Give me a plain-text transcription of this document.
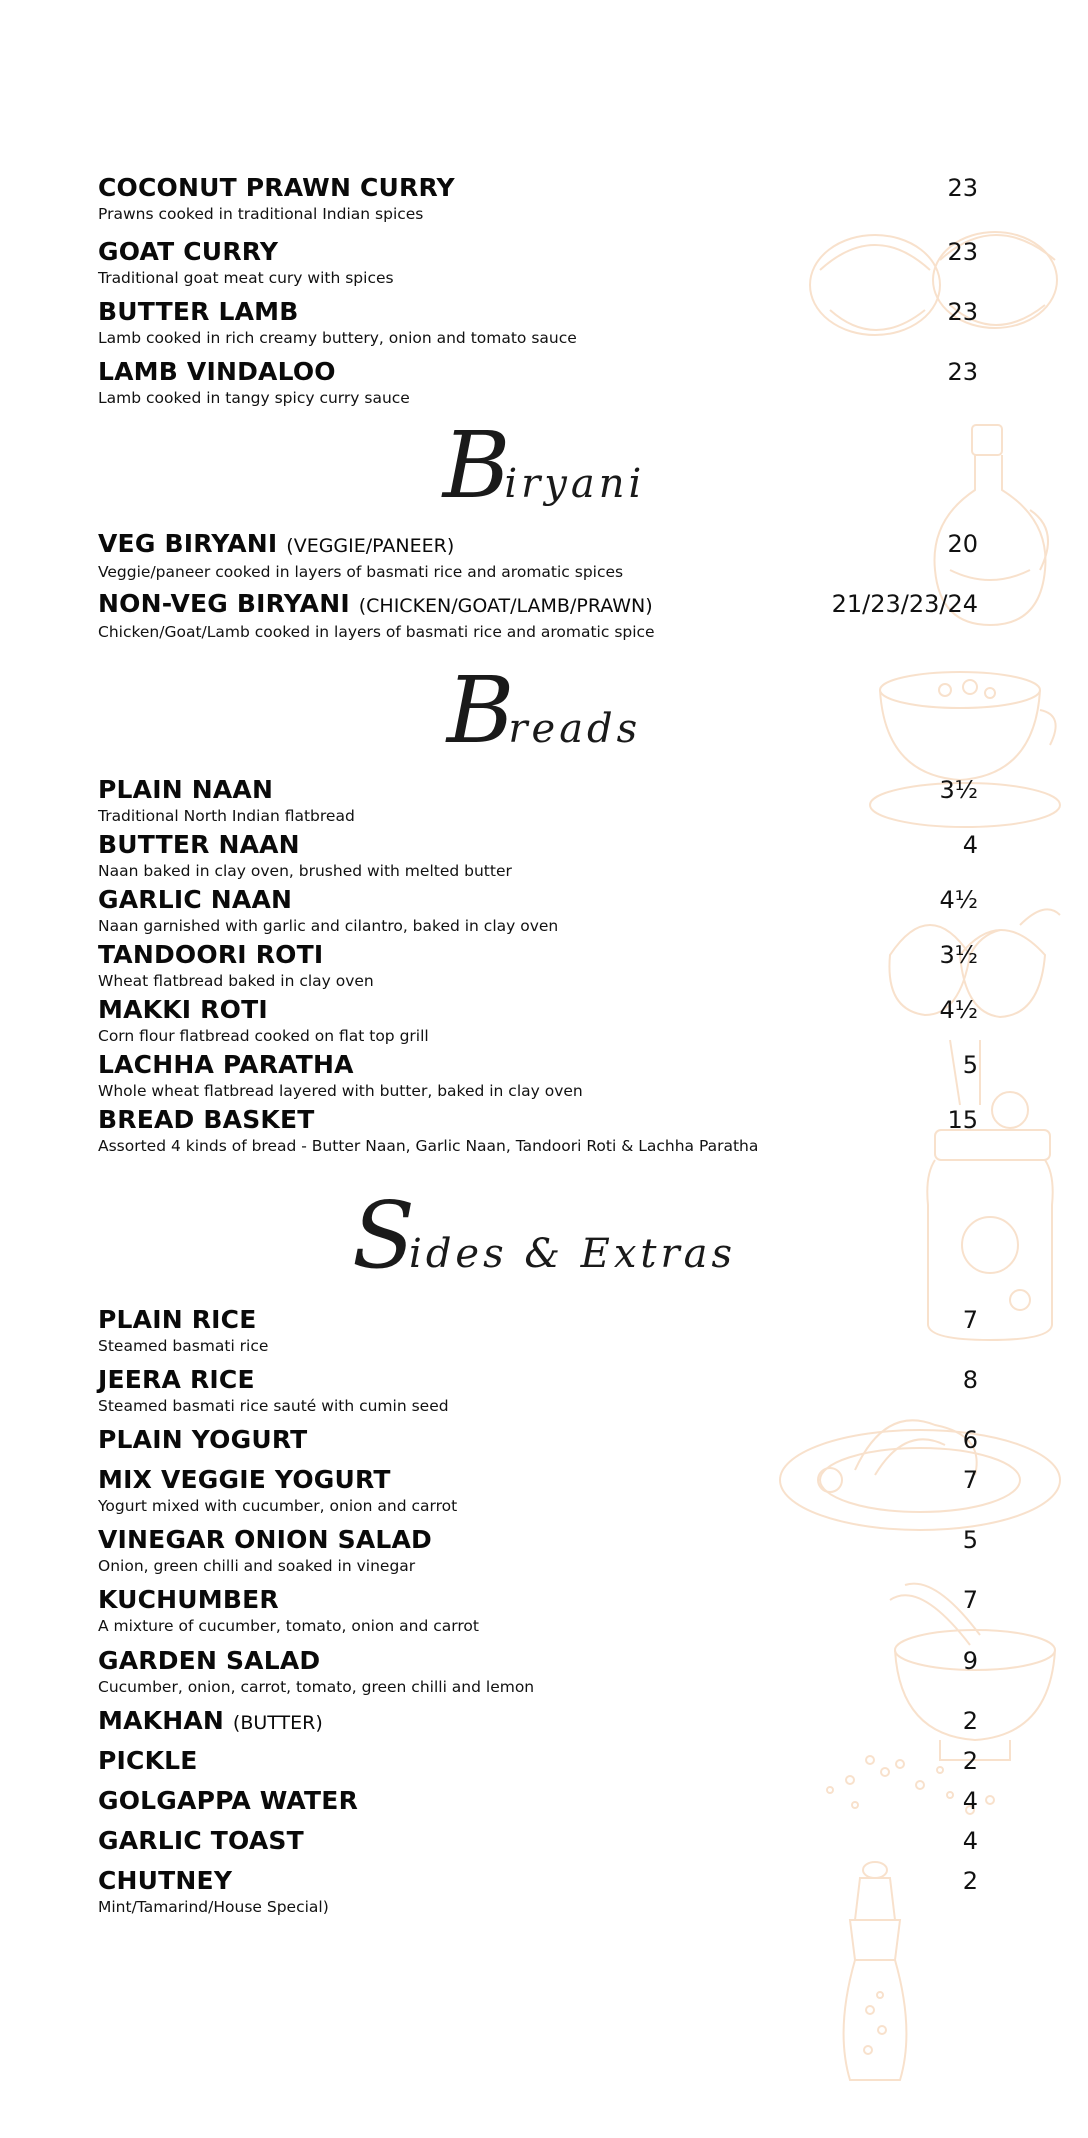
COCONUT PRAWN CURRY
Prawns cooked in traditional Indian spices
23
GOAT CURRY
Traditional goat meat cury with spices
23
BUTTER LAMB
Lamb cooked in rich creamy buttery, onion and tomato sauce
23
LAMB VINDALOO
Lamb cooked in tangy spicy curry sauce
23
Biryani
VEG BIRYANI (VEGGIE/PANEER)
Veggie/paneer cooked in layers of basmati rice and aromatic spices
20
NON-VEG BIRYANI (CHICKEN/GOAT/LAMB/PRAWN)
Chicken/Goat/Lamb cooked in layers of basmati rice and aromatic spice
21/23/23/24
Breads
PLAIN NAAN
Traditional North Indian flatbread
3½
BUTTER NAAN
Naan baked in clay oven, brushed with melted butter
4
GARLIC NAAN
Naan garnished with garlic and cilantro, baked in clay oven
4½
TANDOORI ROTI
Wheat flatbread baked in clay oven
3½
MAKKI ROTI
Corn flour flatbread cooked on flat top grill
4½
LACHHA PARATHA
Whole wheat flatbread layered with butter, baked in clay oven
5
BREAD BASKET
Assorted 4 kinds of bread - Butter Naan, Garlic Naan, Tandoori Roti & Lachha Paratha
15
Sides & Extras
PLAIN RICE
Steamed basmati rice
7
JEERA RICE
Steamed basmati rice sauté with cumin seed
8
PLAIN YOGURT	6
MIX VEGGIE YOGURT
Yogurt mixed with cucumber, onion and carrot
7
VINEGAR ONION SALAD
Onion, green chilli and soaked in vinegar
5
KUCHUMBER
A mixture of cucumber, tomato, onion and carrot
7
GARDEN SALAD
Cucumber, onion, carrot, tomato, green chilli and lemon
9
MAKHAN (BUTTER)	2
PICKLE	2
GOLGAPPA WATER	4
GARLIC TOAST	4
CHUTNEY
Mint/Tamarind/House Special)
2
